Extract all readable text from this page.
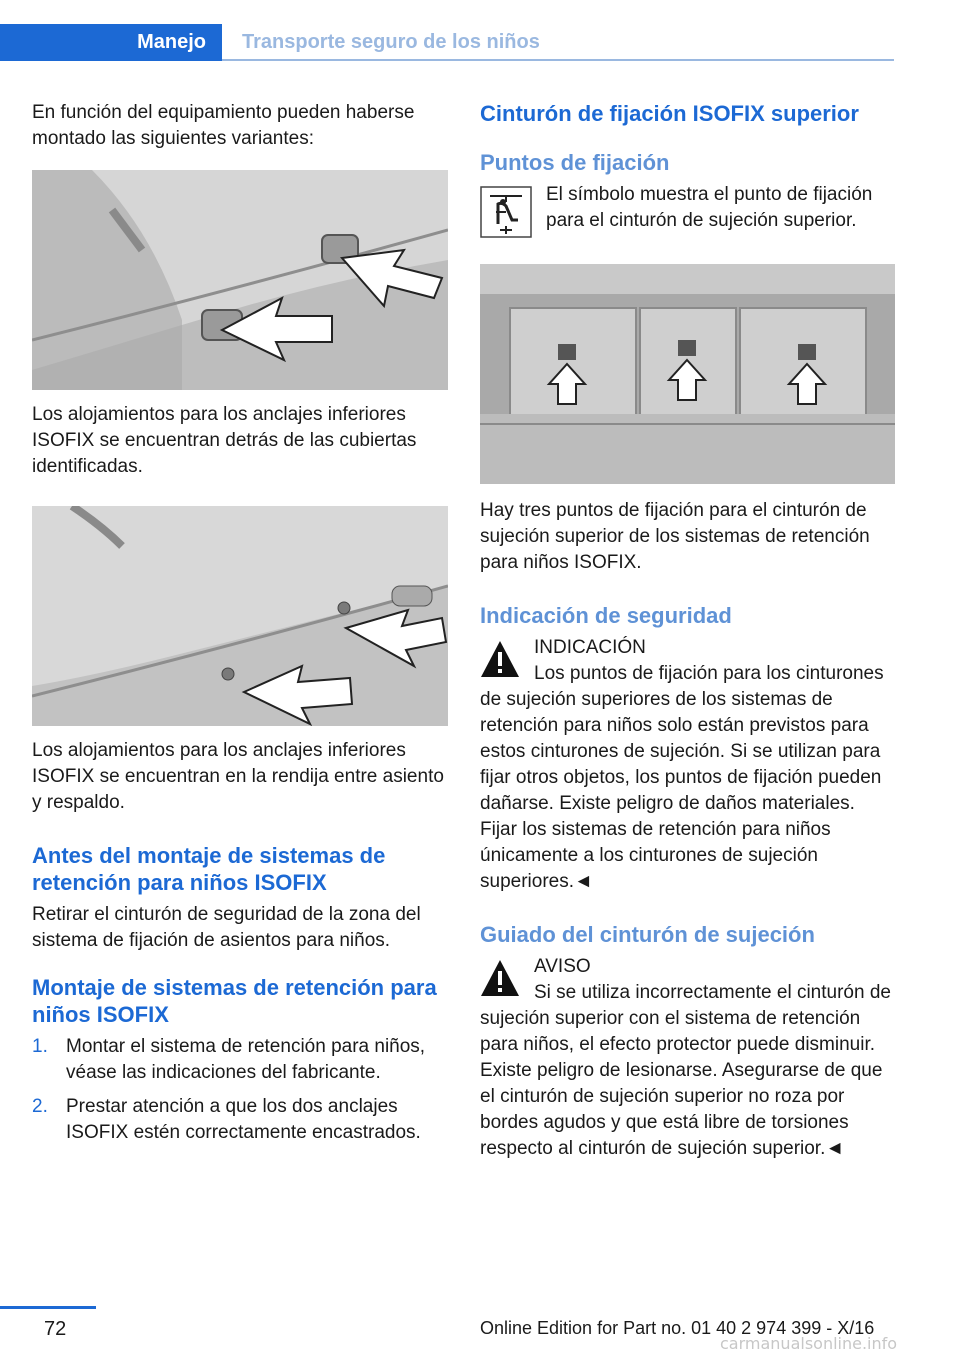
Manejo	Transporte seguro de los niños

En función del equipamiento pueden haberse montado las siguientes variantes:

Los alojamientos para los anclajes inferiores ISOFIX se encuentran detrás de las cubiertas identificadas.

Los alojamientos para los anclajes inferiores ISOFIX se encuentran en la rendija entre asiento y respaldo.

Antes del montaje de sistemas de retención para niños ISOFIX

Retirar el cinturón de seguridad de la zona del sistema de fijación de asientos para niños.

Montaje de sistemas de retención para niños ISOFIX
1. Montar el sistema de retención para niños, véase las indicaciones del fabricante.
2. Prestar atención a que los dos anclajes ISOFIX estén correctamente encastrados.
Cinturón de fijación ISOFIX superior
Puntos de fijación

El símbolo muestra el punto de fijación para el cinturón de sujeción superior.

Hay tres puntos de fijación para el cinturón de sujeción superior de los sistemas de retención para niños ISOFIX.

Indicación de seguridad

INDICACIÓN

Los puntos de fijación para los cinturones de sujeción superiores de los sistemas de retención para niños solo están previstos para estos cinturones de sujeción. Si se utilizan para fijar otros objetos, los puntos de fijación pueden dañarse. Existe peligro de daños materiales. Fijar los sistemas de retención para niños únicamente a los cinturones de sujeción superiores.◄

Guiado del cinturón de sujeción

AVISO

Si se utiliza incorrectamente el cinturón de sujeción superior con el sistema de retención para niños, el efecto protector puede disminuir. Existe peligro de lesionarse. Asegurarse de que el cinturón de sujeción superior no roza por bordes agudos y que está libre de torsiones respecto al cinturón de sujeción superior.◄

72	Online Edition for Part no. 01 40 2 974 399 - X/16
carmanualsonline.info
